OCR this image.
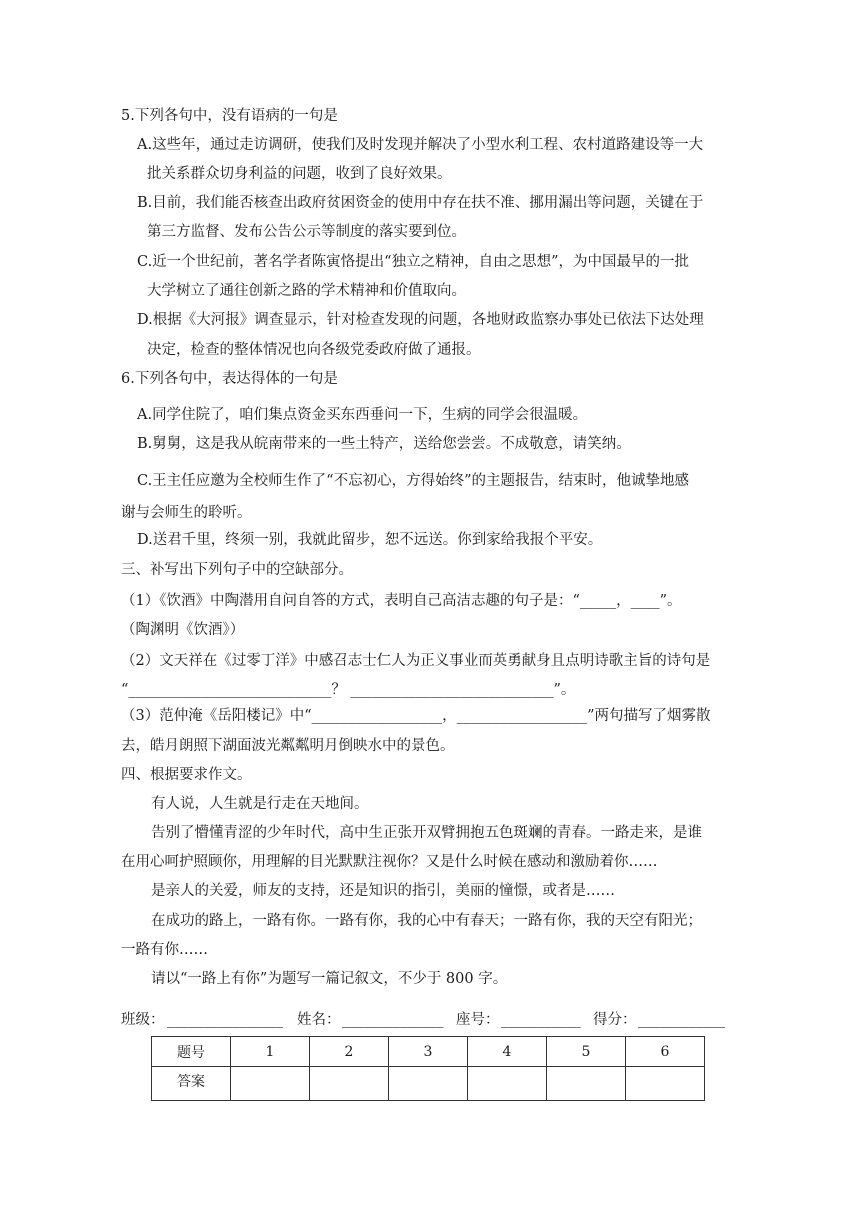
5.下列各句中，没有语病的一句是
A.这些年，通过走访调研，使我们及时发现并解决了小型水利工程、农村道路建设等一大
批关系群众切身利益的问题，收到了良好效果。
B.目前，我们能否核查出政府贫困资金的使用中存在扶不准、挪用漏出等问题，关键在于
第三方监督、发布公告公示等制度的落实要到位。
C.近一个世纪前，著名学者陈寅恪提出“独立之精神，自由之思想”，为中国最早的一批
大学树立了通往创新之路的学术精神和价值取向。
D.根据《大河报》调查显示，针对检查发现的问题，各地财政监察办事处已依法下达处理
决定，检查的整体情况也向各级党委政府做了通报。
6.下列各句中，表达得体的一句是
A.同学住院了，咱们集点资金买东西垂问一下，生病的同学会很温暖。
B.舅舅，这是我从皖南带来的一些土特产，送给您尝尝。不成敬意，请笑纳。
C.王主任应邀为全校师生作了“不忘初心，方得始终”的主题报告，结束时，他诚挚地感
谢与会师生的聆听。
D.送君千里，终须一别，我就此留步，恕不远送。你到家给我报个平安。
三、补写出下列句子中的空缺部分。
（1）《饮酒》中陶潜用自问自答的方式，表明自己高洁志趣的句子是：“_____，____”。
（陶渊明《饮酒》）
（2）文天祥在《过零丁洋》中感召志士仁人为正义事业而英勇献身且点明诗歌主旨的诗句是
“____________________________？ ____________________________”。
（3）范仲淹《岳阳楼记》中“__________________，__________________”两句描写了烟雾散
去，皓月朗照下湖面波光粼粼明月倒映水中的景色。
四、根据要求作文。
有人说，人生就是行走在天地间。
告别了懵懂青涩的少年时代，高中生正张开双臂拥抱五色斑斓的青春。一路走来，是谁
在用心呵护照顾你，用理解的目光默默注视你？又是什么时候在感动和激励着你……
是亲人的关爱，师友的支持，还是知识的指引，美丽的憧憬，或者是……
在成功的路上，一路有你。一路有你，我的心中有春天；一路有你，我的天空有阳光；
一路有你……
请以“一路上有你”为题写一篇记叙文，不少于 800 字。
班级： ________________ 姓名： ______________ 座号： ___________ 得分： ____________
题号	1	2	3	4	5	6
答案						
